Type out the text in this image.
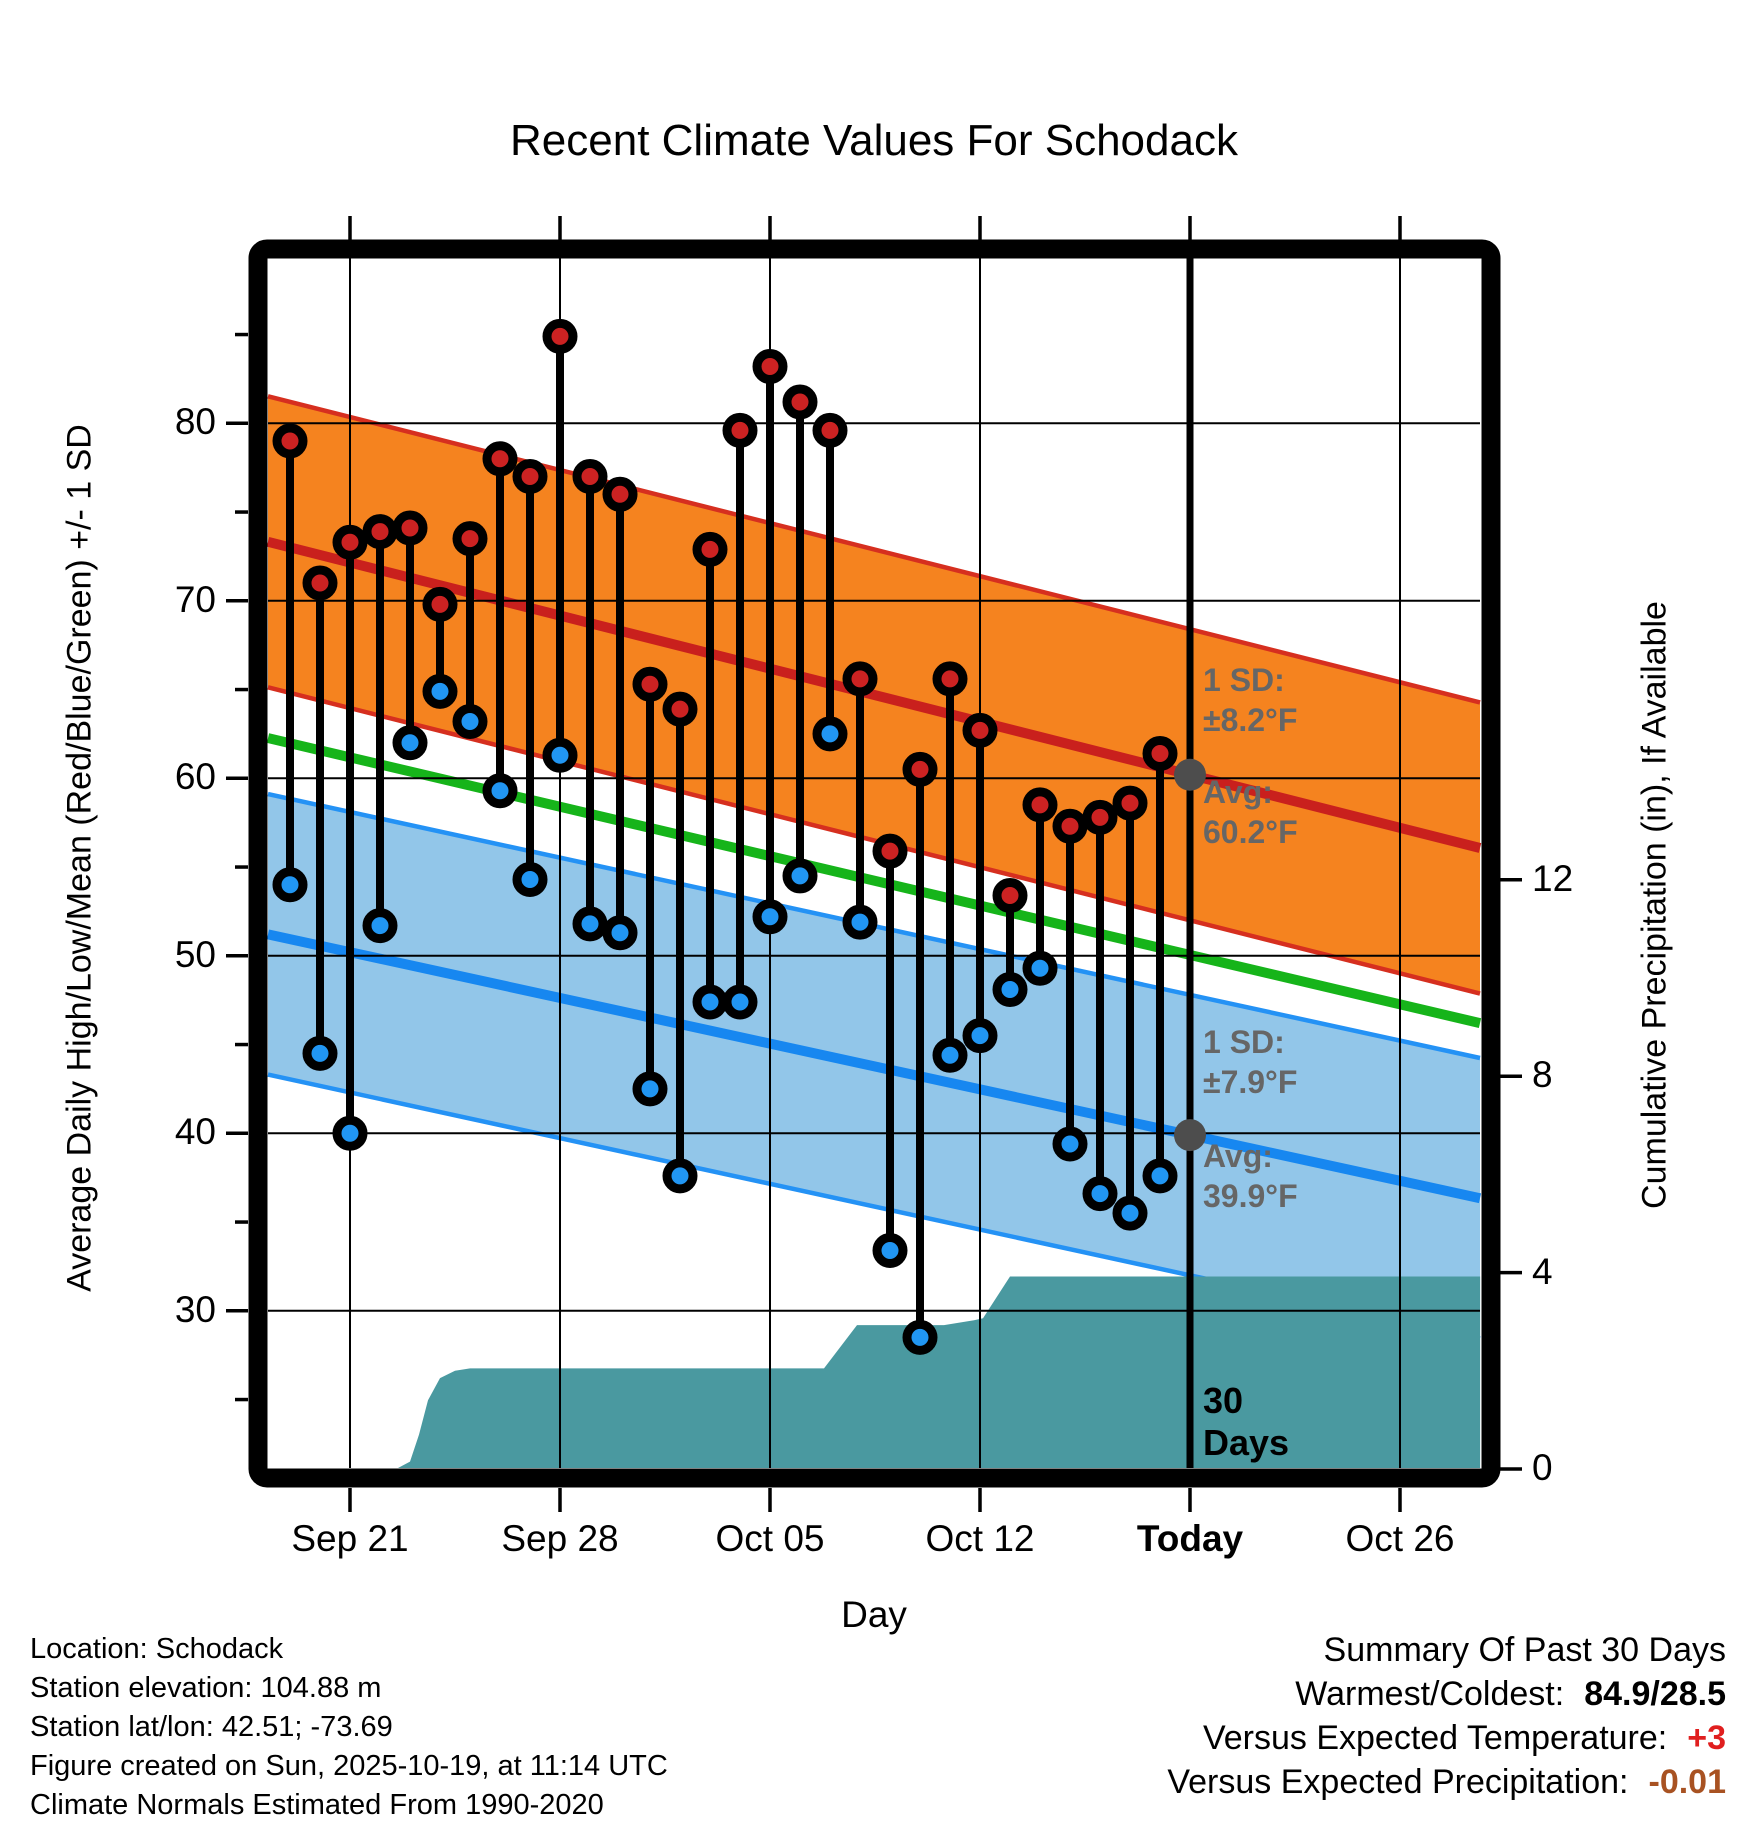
30
40
50
60
70
80
0
4
8
12
Sep 21	Sep 28	Oct 05	Oct 12	Today	Oct 26
Recent Climate Values For Schodack
Average Daily High/Low/Mean (Red/Blue/Green) +/- 1 SD	Cumulative Precipitation (in), If Available
Day
1 SD:
±8.2°F
Avg:
60.2°F
1 SD:
±7.9°F
Avg:
39.9°F
30
Days
Location: Schodack
Station elevation: 104.88 m
Station lat/lon: 42.51; -73.69
Figure created on Sun, 2025-10-19, at 11:14 UTC
Climate Normals Estimated From 1990-2020
Summary Of Past 30 Days
Warmest/Coldest: 84.9/28.5
Versus Expected Temperature: +3
Versus Expected Precipitation: -0.01
